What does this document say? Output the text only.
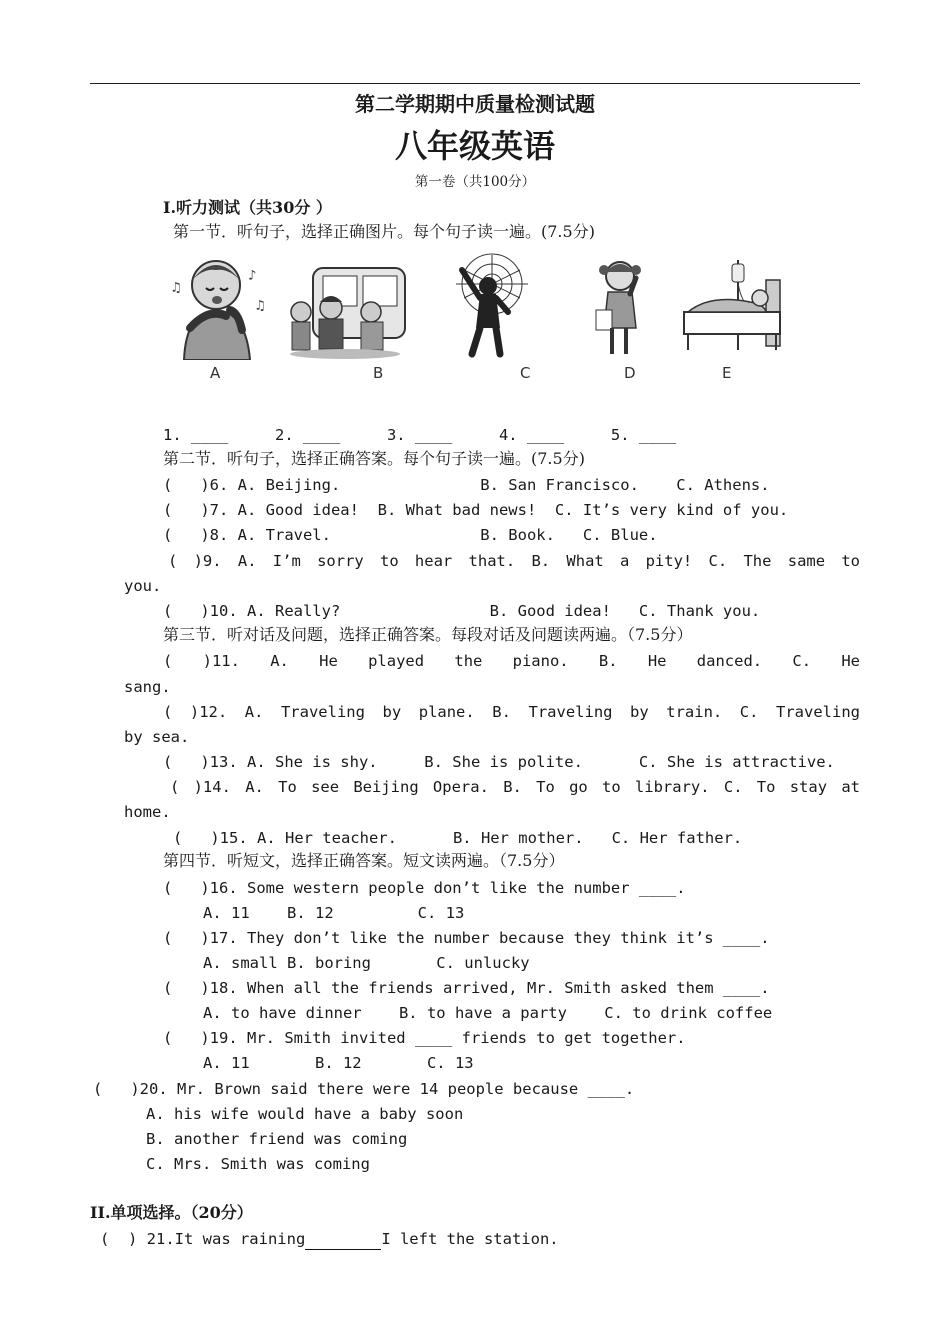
第二学期期中质量检测试题
八年级英语
第一卷（共100分）
I.听力测试（共30分 ）
第一节．听句子，选择正确图片。每个句子读一遍。(7.5分)
♫
♪
♫
A	B	C	D	E
1. ____     2. ____     3. ____     4. ____     5. ____
第二节．听句子，选择正确答案。每个句子读一遍。(7.5分)
(   )6. A. Beijing.               B. San Francisco.    C. Athens.
(   )7. A. Good idea!  B. What bad news!  C. It’s very kind of you.
(   )8. A. Travel.                B. Book.   C. Blue.
( )9. A. I’m sorry to hear that. B. What a pity! C. The same to
you.
(   )10. A. Really?                B. Good idea!   C. Thank you.
第三节．听对话及问题，选择正确答案。每段对话及问题读两遍。（7.5分）
( )11. A. He played the piano. B. He danced. C. He
sang.
( )12. A. Traveling by plane. B. Traveling by train. C. Traveling
by sea.
(   )13. A. She is shy.     B. She is polite.      C. She is attractive.
( )14. A. To see Beijing Opera. B. To go to library. C. To stay at
home.
(   )15. A. Her teacher.      B. Her mother.   C. Her father.
第四节．听短文，选择正确答案。短文读两遍。（7.5分）
(   )16. Some western people don’t like the number ____.
A. 11    B. 12         C. 13
(   )17. They don’t like the number because they think it’s ____.
A. small B. boring       C. unlucky
(   )18. When all the friends arrived, Mr. Smith asked them ____.
A. to have dinner    B. to have a party    C. to drink coffee
(   )19. Mr. Smith invited ____ friends to get together.
A. 11       B. 12       C. 13
(   )20. Mr. Brown said there were 14 people because ____.
A. his wife would have a baby soon
B. another friend was coming
C. Mrs. Smith was coming
II.单项选择。（20分）
(  ) 21.It was raining	I left the station.
